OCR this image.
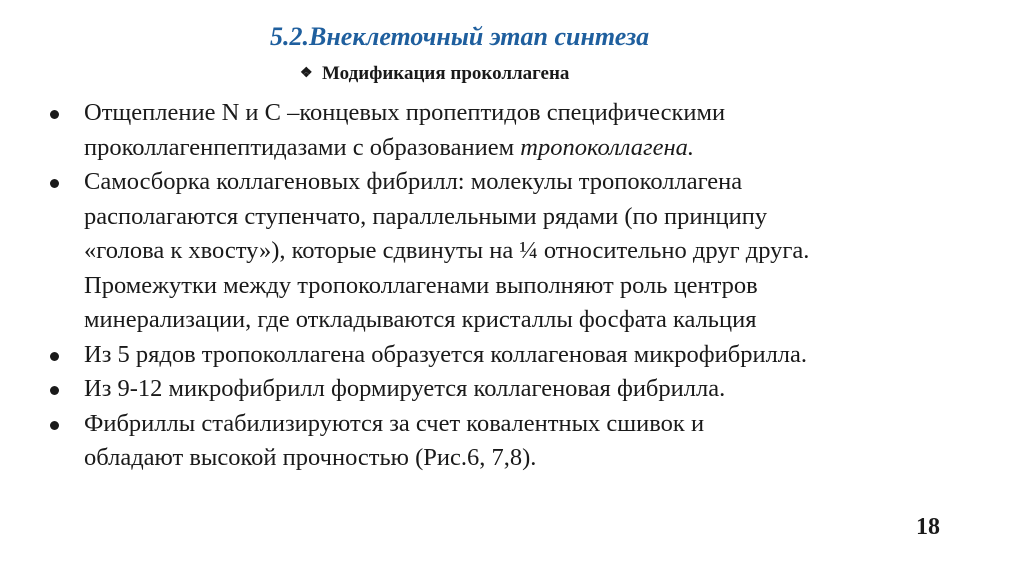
5.2.Внеклеточный этап синтеза
❖ Модификация проколлагена
Отщепление N и С –концевых пропептидов специфическими
проколлагенпептидазами с образованием тропоколлагена.
Самосборка коллагеновых фибрилл: молекулы тропоколлагена
располагаются ступенчато, параллельными рядами (по принципу
«голова к хвосту»), которые сдвинуты на ¼ относительно друг друга.
Промежутки между тропоколлагенами выполняют роль центров
минерализации, где откладываются кристаллы фосфата кальция
Из 5 рядов тропоколлагена образуется коллагеновая микрофибрилла.
Из 9-12 микрофибрилл формируется коллагеновая фибрилла.
Фибриллы стабилизируются за счет ковалентных сшивок и
обладают высокой прочностью (Рис.6, 7,8).
18
